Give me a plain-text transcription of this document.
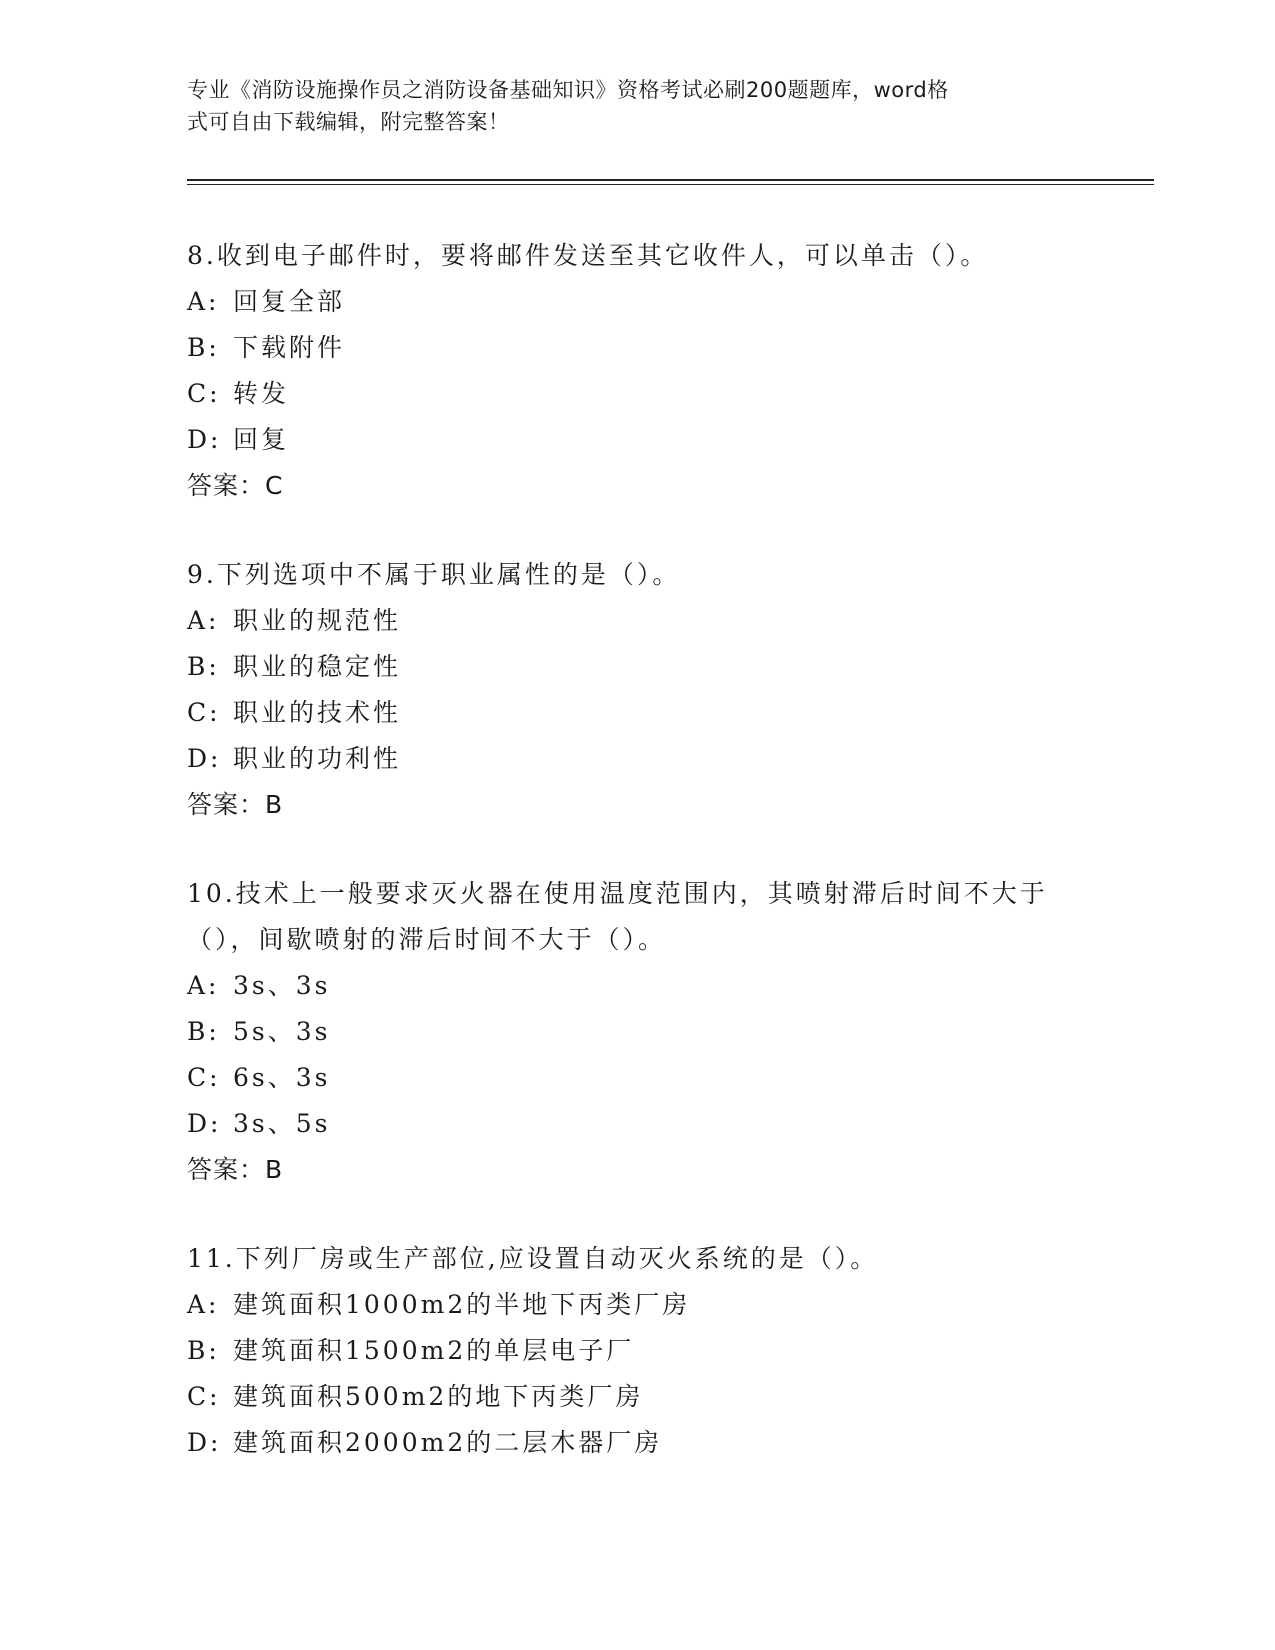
专业《消防设施操作员之消防设备基础知识》资格考试必刷200题题库，word格
式可自由下载编辑，附完整答案！

8.收到电子邮件时，要将邮件发送至其它收件人，可以单击（）。

A: 回复全部

B: 下载附件

C: 转发

D: 回复

答案：C

9.下列选项中不属于职业属性的是（）。

A: 职业的规范性

B: 职业的稳定性

C: 职业的技术性

D: 职业的功利性

答案：B

10.技术上一般要求灭火器在使用温度范围内，其喷射滞后时间不大于

（），间歇喷射的滞后时间不大于（）。

A: 3s、3s

B: 5s、3s

C: 6s、3s

D: 3s、5s

答案：B

11.下列厂房或生产部位,应设置自动灭火系统的是（）。

A: 建筑面积1000m2的半地下丙类厂房

B: 建筑面积1500m2的单层电子厂

C: 建筑面积500m2的地下丙类厂房

D: 建筑面积2000m2的二层木器厂房
